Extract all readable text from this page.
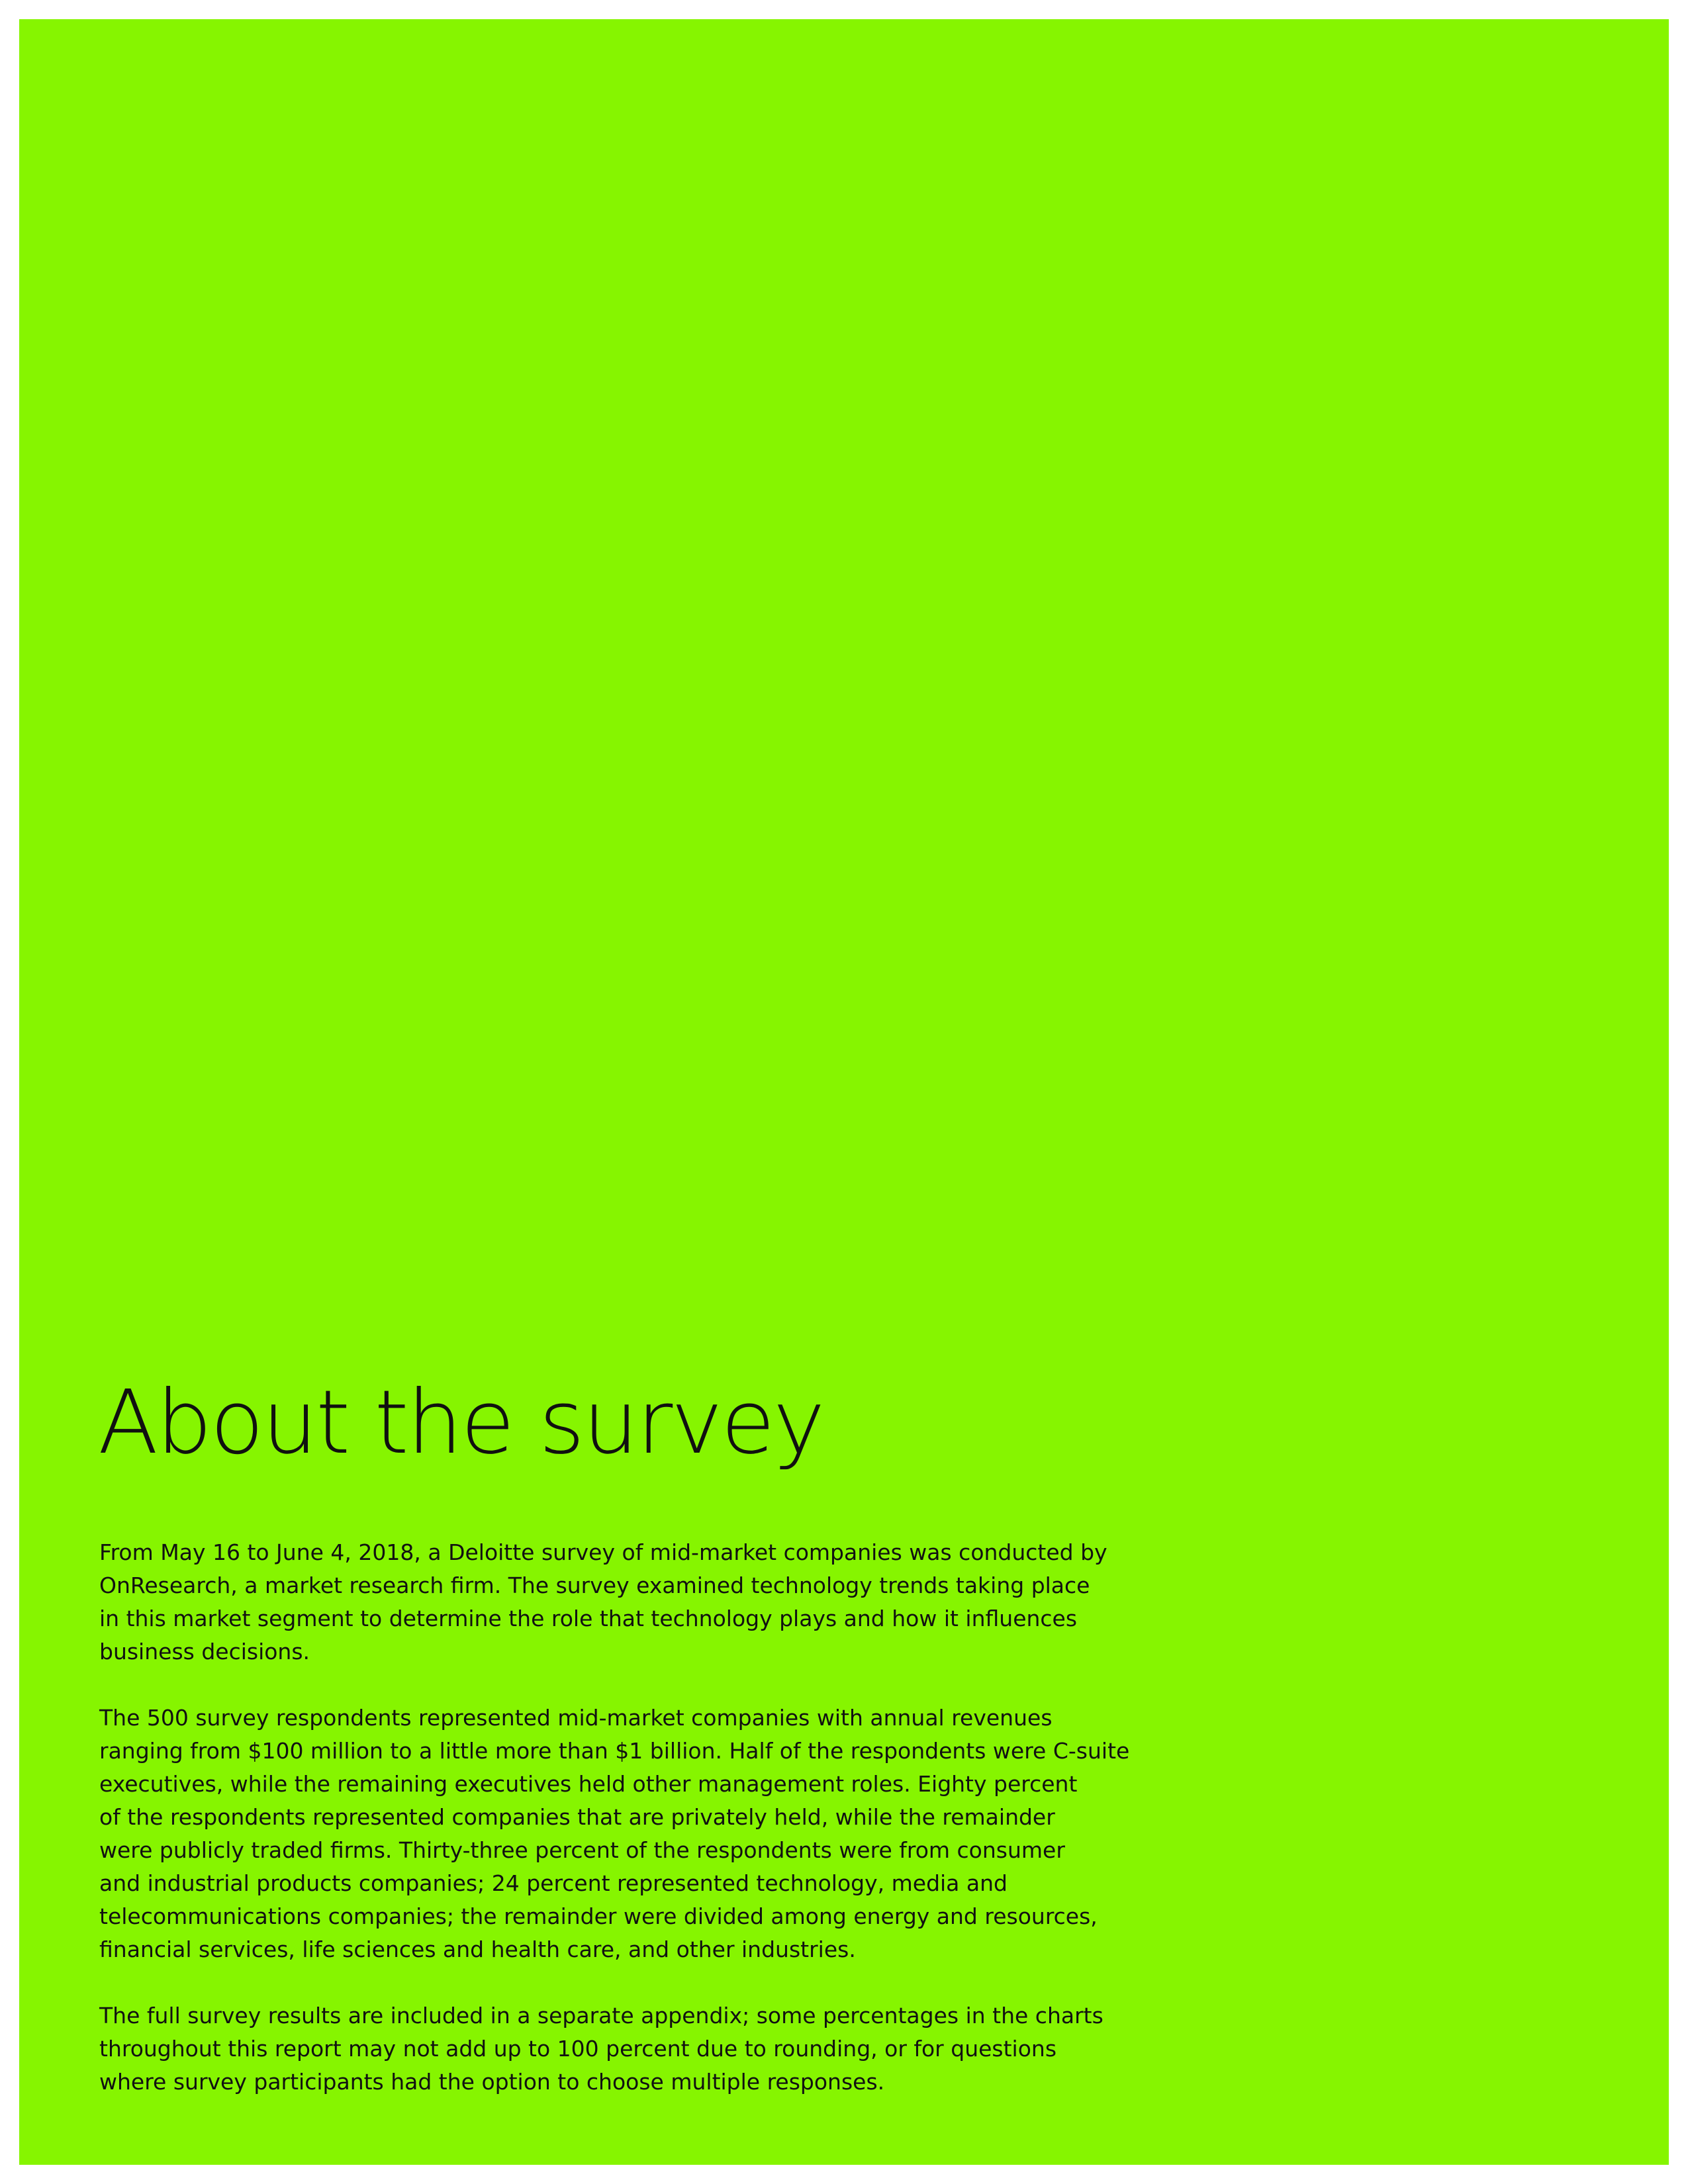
About the survey

From May 16 to June 4, 2018, a Deloitte survey of mid-market companies was conducted by
OnResearch, a market research firm. The survey examined technology trends taking place
in this market segment to determine the role that technology plays and how it influences
business decisions.

The 500 survey respondents represented mid-market companies with annual revenues
ranging from $100 million to a little more than $1 billion. Half of the respondents were C-suite
executives, while the remaining executives held other management roles. Eighty percent
of the respondents represented companies that are privately held, while the remainder
were publicly traded firms. Thirty-three percent of the respondents were from consumer
and industrial products companies; 24 percent represented technology, media and
telecommunications companies; the remainder were divided among energy and resources,
financial services, life sciences and health care, and other industries.

The full survey results are included in a separate appendix; some percentages in the charts
throughout this report may not add up to 100 percent due to rounding, or for questions
where survey participants had the option to choose multiple responses.
